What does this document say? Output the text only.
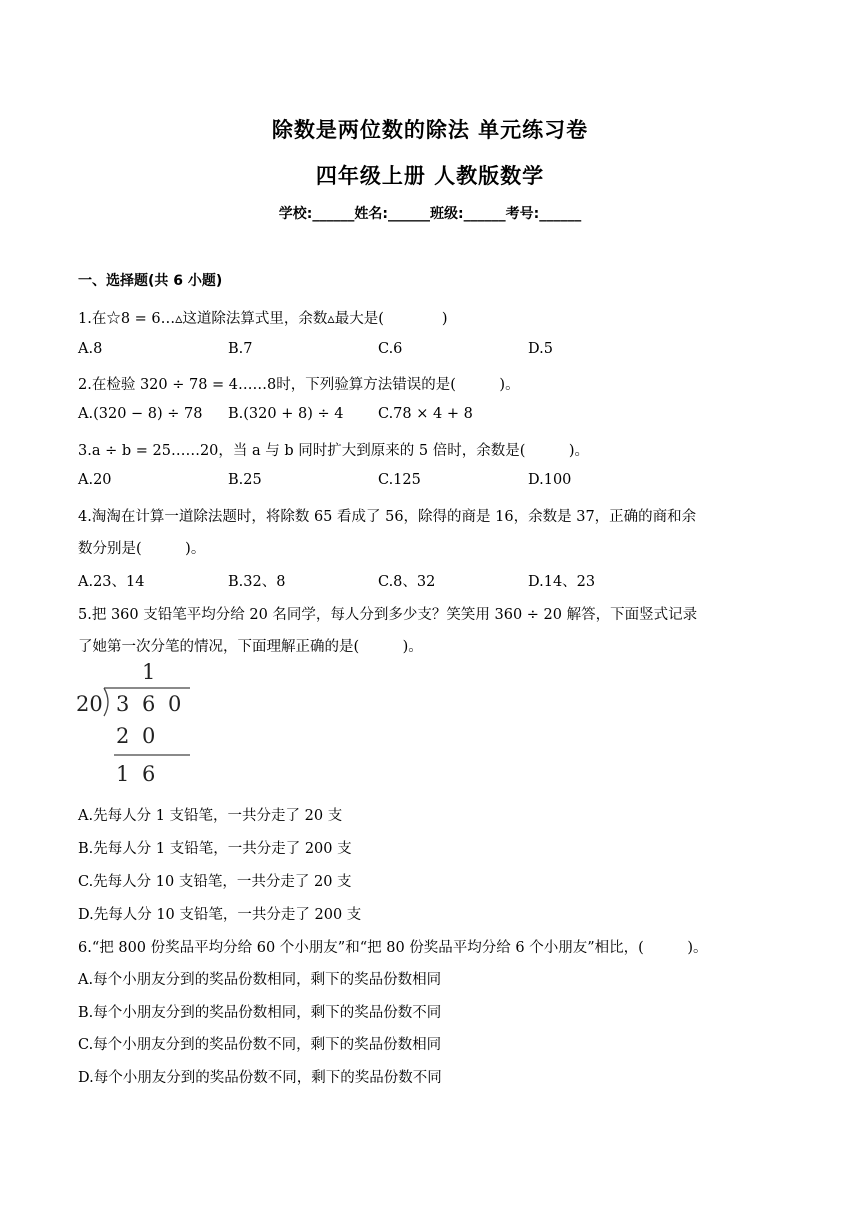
除数是两位数的除法 单元练习卷
四年级上册 人教版数学
学校:______姓名:______班级:______考号:______
一、选择题(共 6 小题)
1.在☆8 = 6…▵这道除法算式里，余数▵最大是(　　　　)
A.8	B.7	C.6	D.5
2.在检验 320 ÷ 78 = 4……8时，下列验算方法错误的是(　　　)。
A.(320 − 8) ÷ 78 B.(320 + 8) ÷ 4 C.78 × 4 + 8
3.a ÷ b = 25……20，当 a 与 b 同时扩大到原来的 5 倍时，余数是(　　　)。
A.20	B.25	C.125	D.100
4.淘淘在计算一道除法题时，将除数 65 看成了 56，除得的商是 16，余数是 37，正确的商和余
数分别是(　　　)。
A.23、14	B.32、8	C.8、32	D.14、23
5.把 360 支铅笔平均分给 20 名同学，每人分到多少支？笑笑用 360 ÷ 20 解答，下面竖式记录
了她第一次分笔的情况，下面理解正确的是(　　　)。
1
20 3 6 0
2 0
1 6
A.先每人分 1 支铅笔，一共分走了 20 支
B.先每人分 1 支铅笔，一共分走了 200 支
C.先每人分 10 支铅笔，一共分走了 20 支
D.先每人分 10 支铅笔，一共分走了 200 支
6.“把 800 份奖品平均分给 60 个小朋友”和“把 80 份奖品平均分给 6 个小朋友”相比，(　　　)。
A.每个小朋友分到的奖品份数相同，剩下的奖品份数相同
B.每个小朋友分到的奖品份数相同，剩下的奖品份数不同
C.每个小朋友分到的奖品份数不同，剩下的奖品份数相同
D.每个小朋友分到的奖品份数不同，剩下的奖品份数不同
